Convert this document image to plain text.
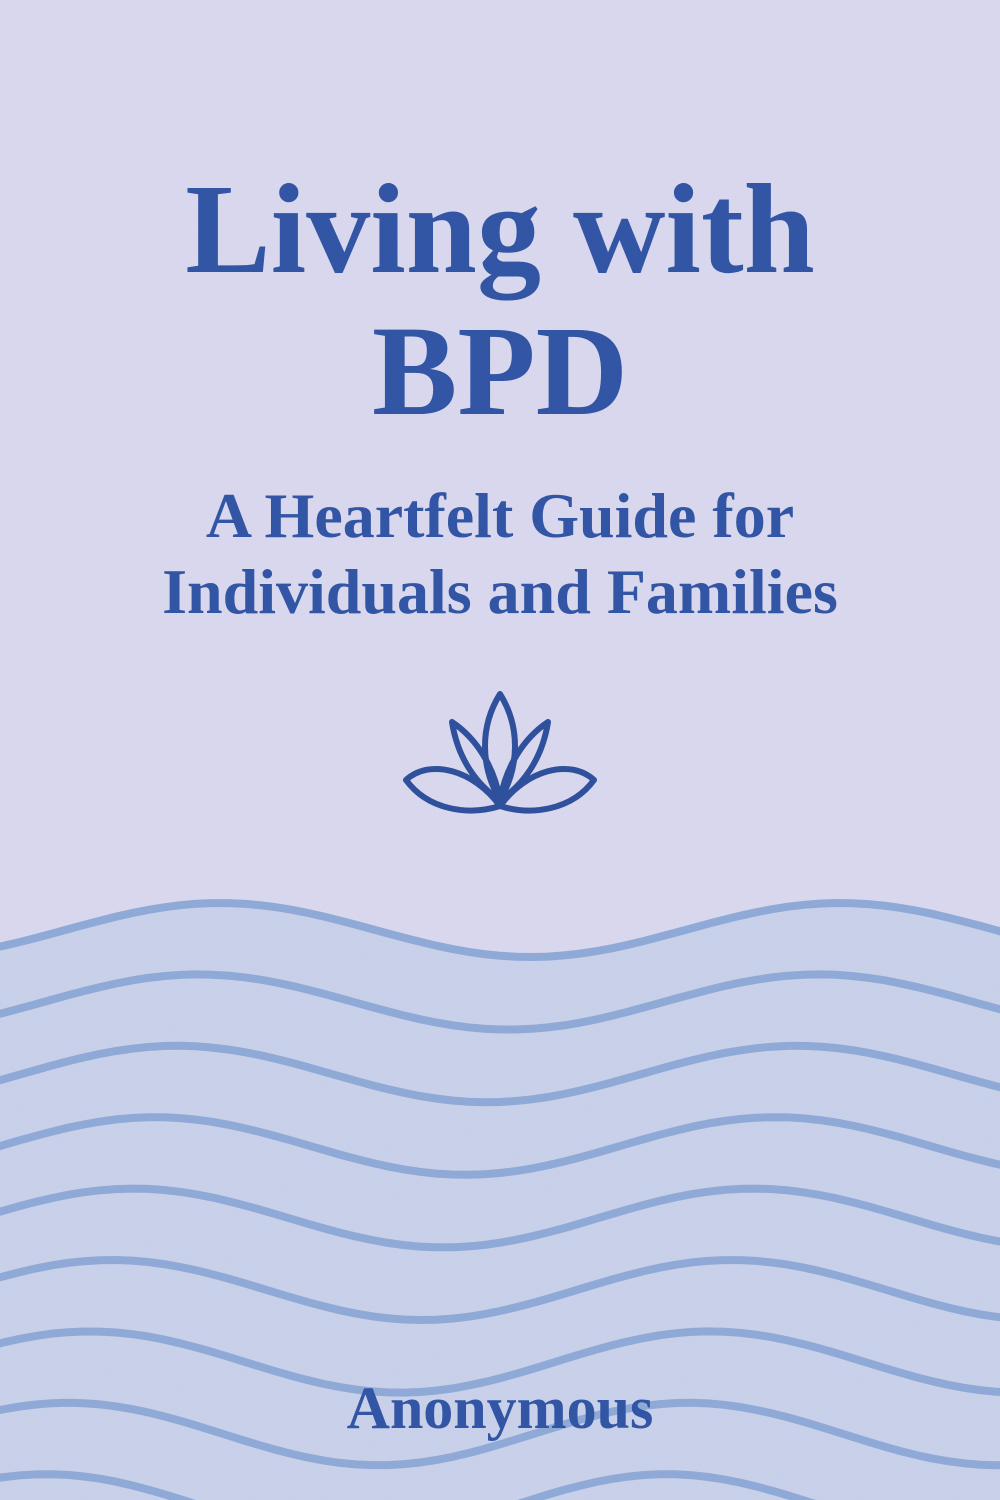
Living with
BPD
A Heartfelt Guide for
Individuals and Families
Anonymous
